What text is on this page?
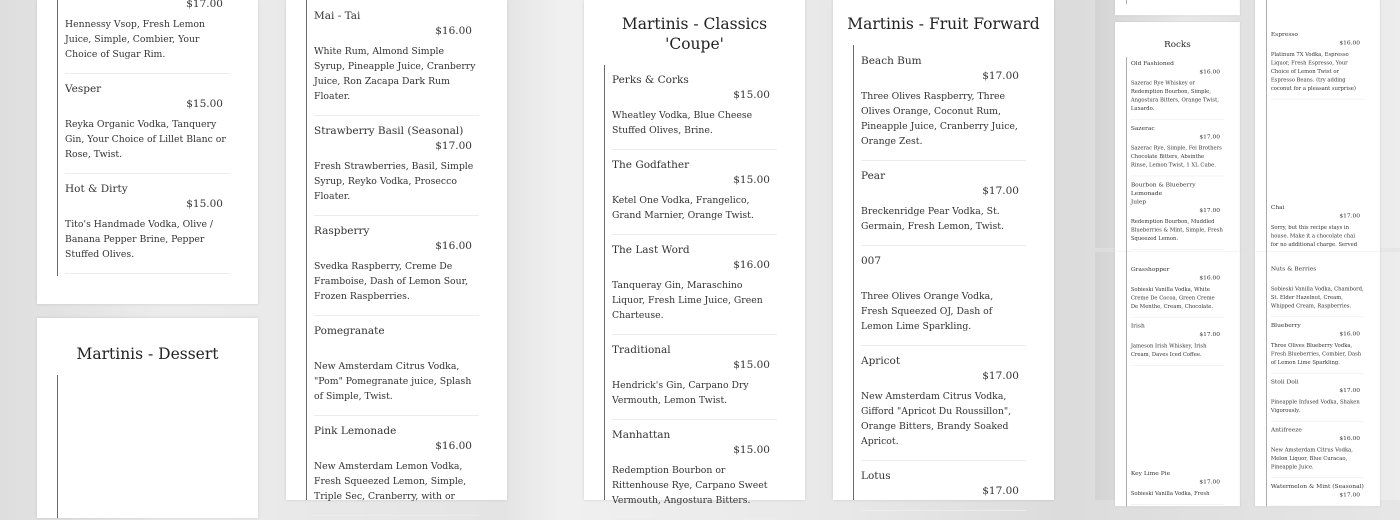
$17.00
Hennessy Vsop, Fresh Lemon
Juice, Simple, Combier, Your
Choice of Sugar Rim.
Vesper
$15.00
Reyka Organic Vodka, Tanquery
Gin, Your Choice of Lillet Blanc or
Rose, Twist.
Hot & Dirty
$15.00
Tito's Handmade Vodka, Olive /
Banana Pepper Brine, Pepper
Stuffed Olives.
Martinis - Dessert
Mai - Tai
$16.00
White Rum, Almond Simple
Syrup, Pineapple Juice, Cranberry
Juice, Ron Zacapa Dark Rum
Floater.
Strawberry Basil (Seasonal)
$17.00
Fresh Strawberries, Basil, Simple
Syrup, Reyko Vodka, Prosecco
Floater.
Raspberry
$16.00
Svedka Raspberry, Creme De
Framboise, Dash of Lemon Sour,
Frozen Raspberries.
Pomegranate
New Amsterdam Citrus Vodka,
"Pom" Pomegranate juice, Splash
of Simple, Twist.
Pink Lemonade
$16.00
New Amsterdam Lemon Vodka,
Fresh Squeezed Lemon, Simple,
Triple Sec, Cranberry, with or
Martinis - Classics
'Coupe'
Perks & Corks
$15.00
Wheatley Vodka, Blue Cheese
Stuffed Olives, Brine.
The Godfather
$15.00
Ketel One Vodka, Frangelico,
Grand Marnier, Orange Twist.
The Last Word
$16.00
Tanqueray Gin, Maraschino
Liquor, Fresh Lime Juice, Green
Charteuse.
Traditional
$15.00
Hendrick's Gin, Carpano Dry
Vermouth, Lemon Twist.
Manhattan
$15.00
Redemption Bourbon or
Rittenhouse Rye, Carpano Sweet
Vermouth, Angostura Bitters.
Martinis - Fruit Forward
Beach Bum
$17.00
Three Olives Raspberry, Three
Olives Orange, Coconut Rum,
Pineapple Juice, Cranberry Juice,
Orange Zest.
Pear
$17.00
Breckenridge Pear Vodka, St.
Germain, Fresh Lemon, Twist.
007
Three Olives Orange Vodka,
Fresh Squeezed OJ, Dash of
Lemon Lime Sparkling.
Apricot
$17.00
New Amsterdam Citrus Vodka,
Gifford "Apricot Du Roussillon",
Orange Bitters, Brandy Soaked
Apricot.
Lotus
$17.00
Rocks
Old Fashioned
$16.00
Sazerac Rye Whiskey or
Redemption Bourbon, Simple,
Angostura Bitters, Orange Twist,
Luxardo.
Sazerac
$17.00
Sazerac Rye, Simple, Fei Brothers
Chocolate Bitters, Absinthe
Rinse, Lemon Twist, 1 XL Cube.
Bourbon & Blueberry Lemonade
Julep
$17.00
Redemption Bourbon, Muddled
Blueberries & Mint, Simple, Fresh
Squeezed Lemon.
Espresso
$16.00
Platinum 7X Vodka, Espresso
Liquor, Fresh Espresso, Your
Choice of Lemon Twist or
Espresso Beans. (try adding
coconut for a pleasant surprise)
Chai
$17.00
Sorry, but this recipe stays in
house. Make it a chocolate chai
for no additional charge. Served
Grasshopper
$16.00
Sobieski Vanilla Vodka, White
Creme De Cocoa, Green Creme
De Menthe, Cream, Chocolate.
Irish
$17.00
Jameson Irish Whiskey, Irish
Cream, Daves Iced Coffee.
Key Lime Pie
$17.00
Sobieski Vanilla Vodka, Fresh
Nuts & Berries
Sobieski Vanilla Vodka, Chambord,
St. Elder Hazelnut, Cream,
Whipped Cream, Raspberries.
Blueberry
$16.00
Three Olives Blueberry Vodka,
Fresh Blueberries, Combier, Dash
of Lemon Lime Sparkling.
Stoli Doli
$17.00
Pineapple Infused Vodka, Shaken
Vigorously.
Antifreeze
$16.00
New Amsterdam Citrus Vodka,
Melon Liquor, Blue Curacao,
Pineapple Juice.
Watermelon & Mint (Seasonal)
$17.00
